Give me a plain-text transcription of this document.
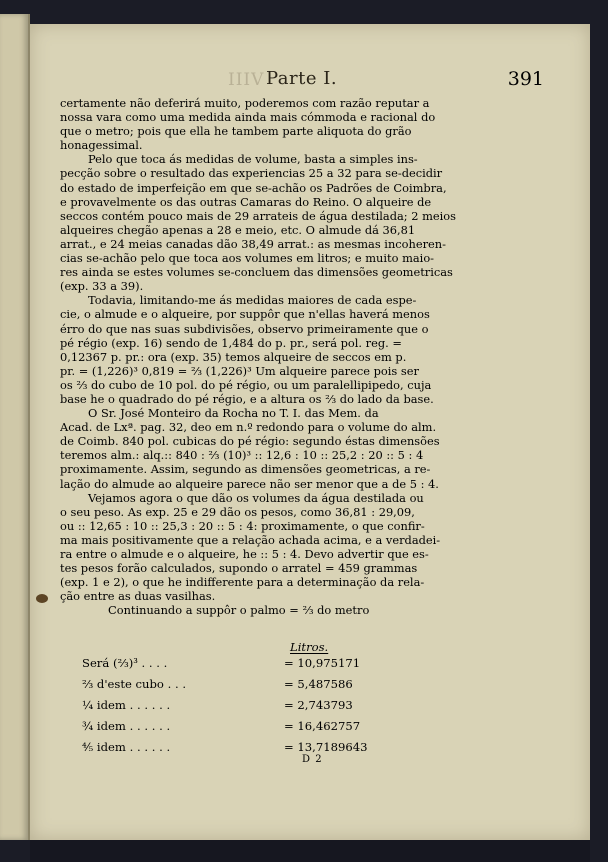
IIIV Parte I.	391
certamente não deferirá muito, poderemos com razão reputar a
nossa vara como uma medida ainda mais cómmoda e racional do
que o metro; pois que ella he tambem parte aliquota do grão
honagessimal.
Pelo que toca ás medidas de volume, basta a simples ins-
pecção sobre o resultado das experiencias 25 a 32 para se-decidir
do estado de imperfeição em que se-achão os Padrões de Coimbra,
e provavelmente os das outras Camaras do Reino. O alqueire de
seccos contém pouco mais de 29 arrateis de água destilada; 2 meios
alqueires chegão apenas a 28 e meio, etc. O almude dá 36,81
arrat., e 24 meias canadas dão 38,49 arrat.: as mesmas incoheren-
cias se-achão pelo que toca aos volumes em litros; e muito maio-
res ainda se estes volumes se-concluem das dimensões geometricas
(exp. 33 a 39).
Todavia, limitando-me ás medidas maiores de cada espe-
cie, o almude e o alqueire, por suppôr que n'ellas haverá menos
érro do que nas suas subdivisões, observo primeiramente que o
pé régio (exp. 16) sendo de 1,484 do p. pr., será pol. reg. =
0,12367 p. pr.: ora (exp. 35) temos alqueire de seccos em p.
pr. = (1,226)³ 0,819 = ⅔ (1,226)³ Um alqueire parece pois ser
os ⅔ do cubo de 10 pol. do pé régio, ou um paralellipipedo, cuja
base he o quadrado do pé régio, e a altura os ⅔ do lado da base.
O Sr. José Monteiro da Rocha no T. I. das Mem. da
Acad. de Lxª. pag. 32, deo em n.º redondo para o volume do alm.
de Coimb. 840 pol. cubicas do pé régio: segundo éstas dimensões
teremos alm.: alq.:: 840 : ⅔ (10)³ :: 12,6 : 10 :: 25,2 : 20 :: 5 : 4
proximamente. Assim, segundo as dimensões geometricas, a re-
lação do almude ao alqueire parece não ser menor que a de 5 : 4.
Vejamos agora o que dão os volumes da água destilada ou
o seu peso. As exp. 25 e 29 dão os pesos, como 36,81 : 29,09,
ou :: 12,65 : 10 :: 25,3 : 20 :: 5 : 4: proximamente, o que confir-
ma mais positivamente que a relação achada acima, e a verdadei-
ra entre o almude e o alqueire, he :: 5 : 4. Devo advertir que es-
tes pesos forão calculados, supondo o arratel = 459 grammas
(exp. 1 e 2), o que he indifferente para a determinação da rela-
ção entre as duas vasilhas.
Continuando a suppôr o palmo = ⅔ do metro
Litros.
Será (⅔)³ . . . .	= 10,975171
⅔ d'este cubo . . .	= 5,487586
¼ idem . . . . . .	= 2,743793
¾ idem . . . . . .	= 16,462757
⅘ idem . . . . . .	= 13,7189643
D 2
